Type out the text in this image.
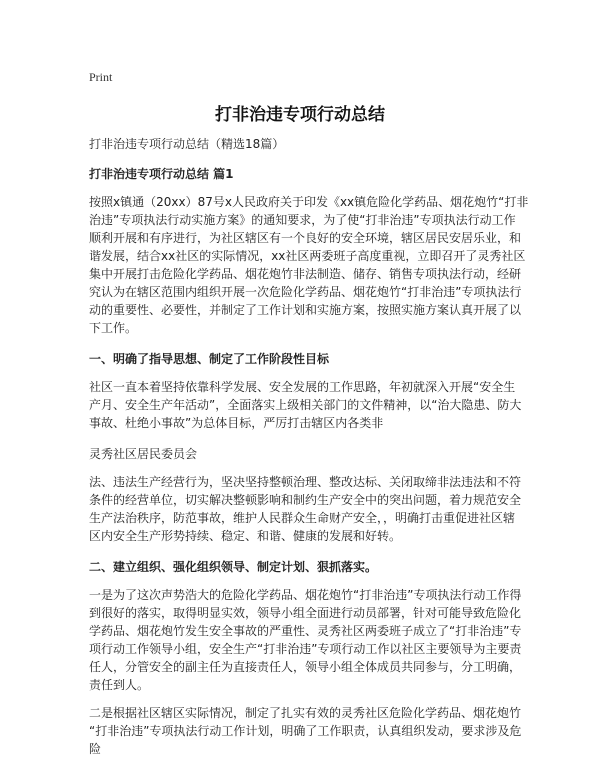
Print
打非治违专项行动总结
打非治违专项行动总结（精选18篇）
打非治违专项行动总结 篇1
按照x镇通（20xx）87号x人民政府关于印发《xx镇危险化学药品、烟花炮竹“打非
治违”专项执法行动实施方案》的通知要求，为了使“打非治违”专项执法行动工作
顺利开展和有序进行，为社区辖区有一个良好的安全环境，辖区居民安居乐业，和
谐发展，结合xx社区的实际情况，xx社区两委班子高度重视，立即召开了灵秀社区
集中开展打击危险化学药品、烟花炮竹非法制造、储存、销售专项执法行动，经研
究认为在辖区范围内组织开展一次危险化学药品、烟花炮竹“打非治违”专项执法行
动的重要性、必要性，并制定了工作计划和实施方案，按照实施方案认真开展了以
下工作。
一、明确了指导思想、制定了工作阶段性目标
社区一直本着坚持依靠科学发展、安全发展的工作思路，年初就深入开展“安全生
产月、安全生产年活动”，全面落实上级相关部门的文件精神，以“治大隐患、防大
事故、杜绝小事故”为总体目标，严厉打击辖区内各类非
灵秀社区居民委员会
法、违法生产经营行为，坚决坚持整顿治理、整改达标、关闭取缔非法违法和不符
条件的经营单位，切实解决整顿影响和制约生产安全中的突出问题，着力规范安全
生产法治秩序，防范事故，维护人民群众生命财产安全，，明确打击重促进社区辖
区内安全生产形势持续、稳定、和谐、健康的发展和好转。
二、建立组织、强化组织领导、制定计划、狠抓落实。
一是为了这次声势浩大的危险化学药品、烟花炮竹“打非治违”专项执法行动工作得
到很好的落实，取得明显实效，领导小组全面进行动员部署，针对可能导致危险化
学药品、烟花炮竹发生安全事故的严重性、灵秀社区两委班子成立了“打非治违”专
项行动工作领导小组，安全生产“打非治违”专项行动工作以社区主要领导为主要责
任人，分管安全的副主任为直接责任人，领导小组全体成员共同参与，分工明确，
责任到人。
二是根据社区辖区实际情况，制定了扎实有效的灵秀社区危险化学药品、烟花炮竹
“打非治违”专项执法行动工作计划，明确了工作职责，认真组织发动，要求涉及危
险
